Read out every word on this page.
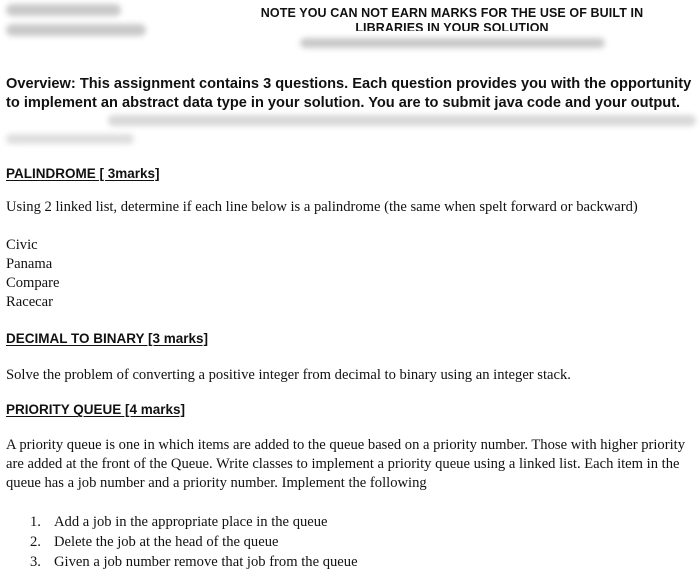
NOTE YOU CAN NOT EARN MARKS FOR THE USE OF BUILT IN

LIBRARIES IN YOUR SOLUTION
Overview: This assignment contains 3 questions. Each question provides you with the opportunity to implement an abstract data type in your solution. You are to submit java code and your output.
PALINDROME [ 3marks]
Using 2 linked list, determine if each line below is a palindrome (the same when spelt forward or backward)
Civic
Panama
Compare
Racecar
DECIMAL TO BINARY [3 marks]
Solve the problem of converting a positive integer from decimal to binary using an integer stack.
PRIORITY QUEUE [4 marks]
A priority queue is one in which items are added to the queue based on a priority number. Those with higher priority are added at the front of the Queue. Write classes to implement a priority queue using a linked list. Each item in the queue has a job number and a priority number. Implement the following
1. Add a job in the appropriate place in the queue
2. Delete the job at the head of the queue
3. Given a job number remove that job from the queue
